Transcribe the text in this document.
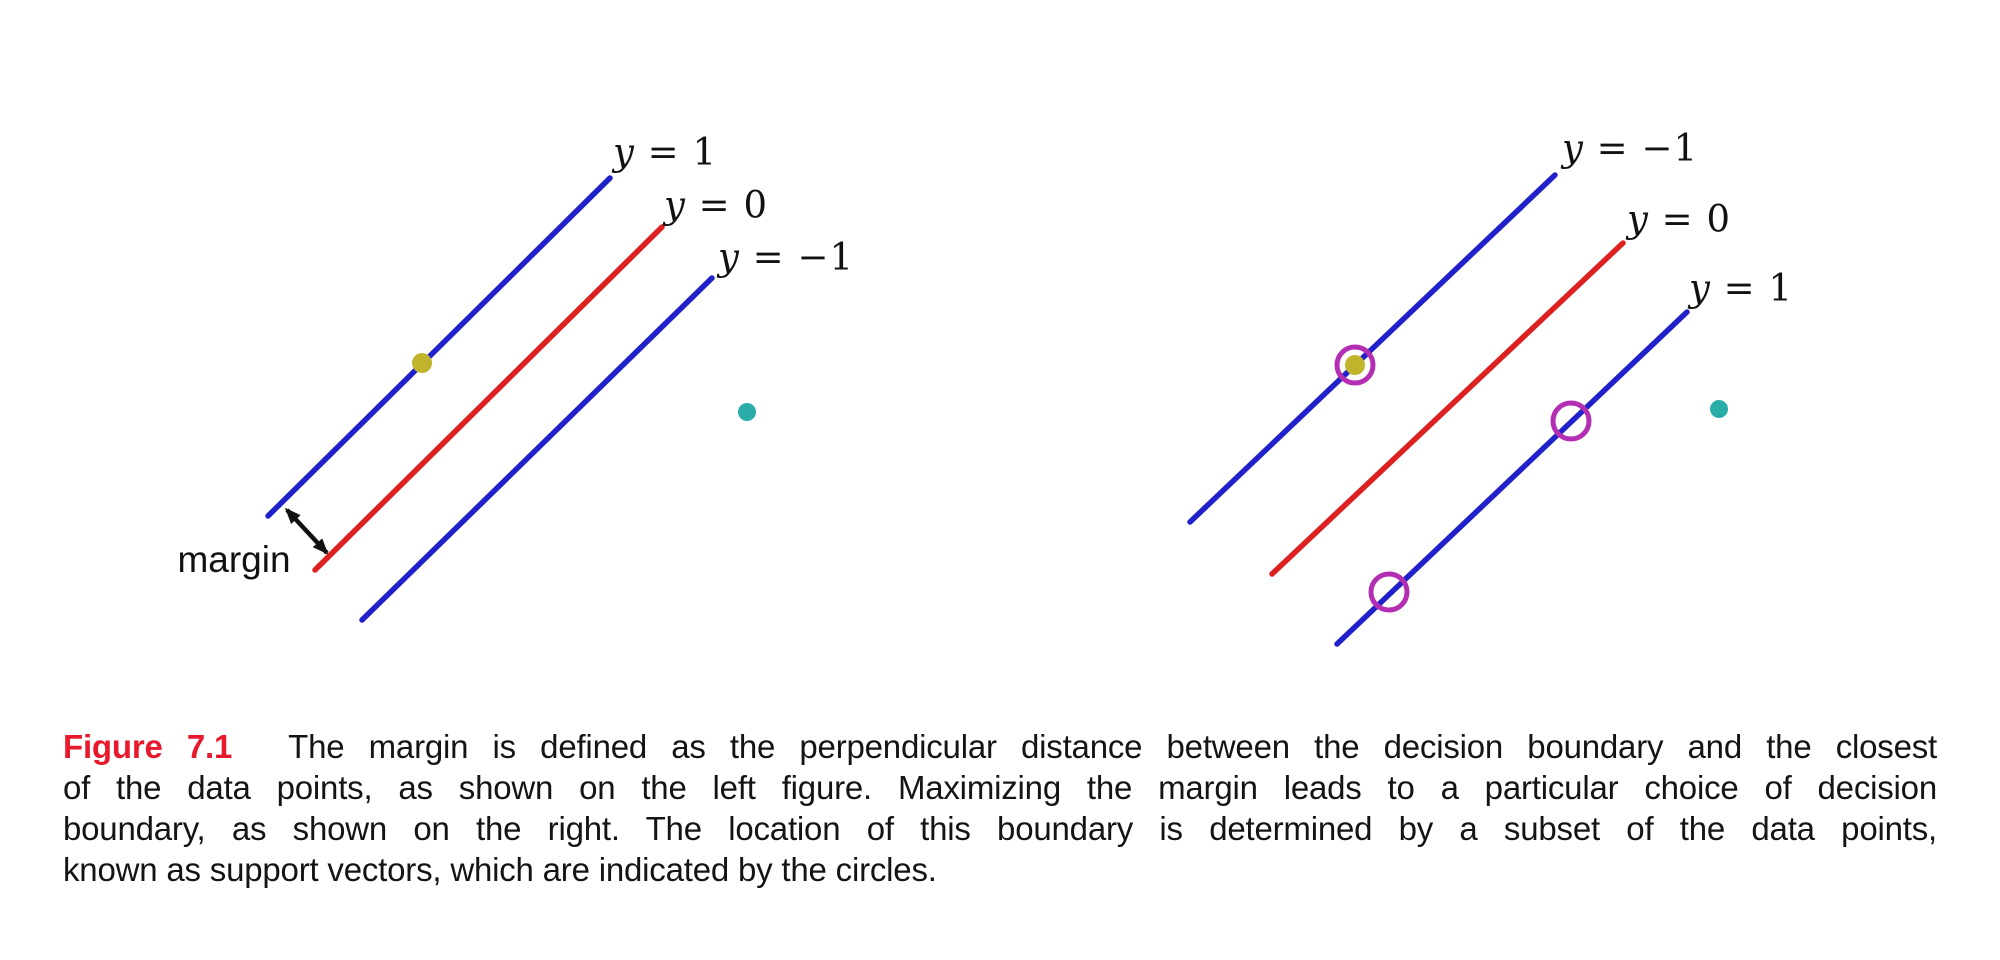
Figure 7.1 The margin is defined as the perpendicular distance between the decision boundary and the closest
of the data points, as shown on the left figure. Maximizing the margin leads to a particular choice of decision
boundary, as shown on the right. The location of this boundary is determined by a subset of the data points,
known as support vectors, which are indicated by the circles.
y = 1
y = 0
y = −1
margin
y = −1
y = 0
y = 1
